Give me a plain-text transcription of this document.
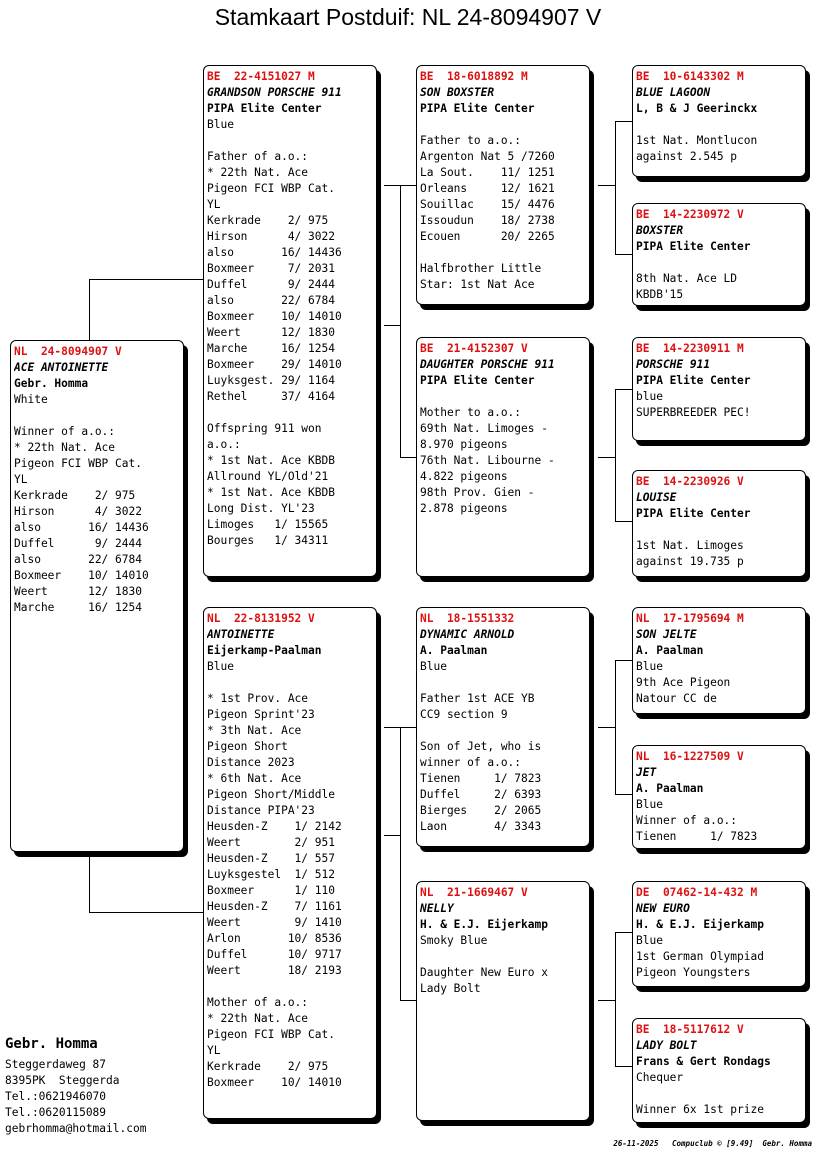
Stamkaart Postduif: NL 24-8094907 V
NL  24-8094907 V
ACE ANTOINETTE
Gebr. Homma
White
Winner of a.o.:
* 22th Nat. Ace
Pigeon FCI WBP Cat.
YL
Kerkrade    2/ 975
Hirson      4/ 3022
also       16/ 14436
Duffel      9/ 2444
also       22/ 6784
Boxmeer    10/ 14010
Weert      12/ 1830
Marche     16/ 1254
BE  22-4151027 M
GRANDSON PORSCHE 911
PIPA Elite Center
Blue
Father of a.o.:
* 22th Nat. Ace
Pigeon FCI WBP Cat.
YL
Kerkrade    2/ 975
Hirson      4/ 3022
also       16/ 14436
Boxmeer     7/ 2031
Duffel      9/ 2444
also       22/ 6784
Boxmeer    10/ 14010
Weert      12/ 1830
Marche     16/ 1254
Boxmeer    29/ 14010
Luyksgest. 29/ 1164
Rethel     37/ 4164
Offspring 911 won
a.o.:
* 1st Nat. Ace KBDB
Allround YL/Old'21
* 1st Nat. Ace KBDB
Long Dist. YL'23
Limoges   1/ 15565
Bourges   1/ 34311
NL  22-8131952 V
ANTOINETTE
Eijerkamp-Paalman
Blue
* 1st Prov. Ace
Pigeon Sprint'23
* 3th Nat. Ace
Pigeon Short
Distance 2023
* 6th Nat. Ace
Pigeon Short/Middle
Distance PIPA'23
Heusden-Z    1/ 2142
Weert        2/ 951
Heusden-Z    1/ 557
Luyksgestel  1/ 512
Boxmeer      1/ 110
Heusden-Z    7/ 1161
Weert        9/ 1410
Arlon       10/ 8536
Duffel      10/ 9717
Weert       18/ 2193
Mother of a.o.:
* 22th Nat. Ace
Pigeon FCI WBP Cat.
YL
Kerkrade    2/ 975
Boxmeer    10/ 14010
BE  18-6018892 M
SON BOXSTER
PIPA Elite Center
Father to a.o.:
Argenton Nat 5 /7260
La Sout.    11/ 1251
Orleans     12/ 1621
Souillac    15/ 4476
Issoudun    18/ 2738
Ecouen      20/ 2265
Halfbrother Little
Star: 1st Nat Ace
BE  21-4152307 V
DAUGHTER PORSCHE 911
PIPA Elite Center
Mother to a.o.:
69th Nat. Limoges -
8.970 pigeons
76th Nat. Libourne -
4.822 pigeons
98th Prov. Gien -
2.878 pigeons
NL  18-1551332
DYNAMIC ARNOLD
A. Paalman
Blue
Father 1st ACE YB
CC9 section 9
Son of Jet, who is
winner of a.o.:
Tienen     1/ 7823
Duffel     2/ 6393
Bierges    2/ 2065
Laon       4/ 3343
NL  21-1669467 V
NELLY
H. & E.J. Eijerkamp
Smoky Blue
Daughter New Euro x
Lady Bolt
BE  10-6143302 M
BLUE LAGOON
L, B & J Geerinckx
1st Nat. Montlucon
against 2.545 p
BE  14-2230972 V
BOXSTER
PIPA Elite Center
8th Nat. Ace LD
KBDB'15
BE  14-2230911 M
PORSCHE 911
PIPA Elite Center
blue
SUPERBREEDER PEC!
BE  14-2230926 V
LOUISE
PIPA Elite Center
1st Nat. Limoges
against 19.735 p
NL  17-1795694 M
SON JELTE
A. Paalman
Blue
9th Ace Pigeon
Natour CC de
NL  16-1227509 V
JET
A. Paalman
Blue
Winner of a.o.:
Tienen     1/ 7823
DE  07462-14-432 M
NEW EURO
H. & E.J. Eijerkamp
Blue
1st German Olympiad
Pigeon Youngsters
BE  18-5117612 V
LADY BOLT
Frans & Gert Rondags
Chequer
Winner 6x 1st prize
Gebr. Homma
Steggerdaweg 87
8395PK  Steggerda
Tel.:0621946070
Tel.:0620115089
gebrhomma@hotmail.com
26-11-2025   Compuclub © [9.49]  Gebr. Homma
